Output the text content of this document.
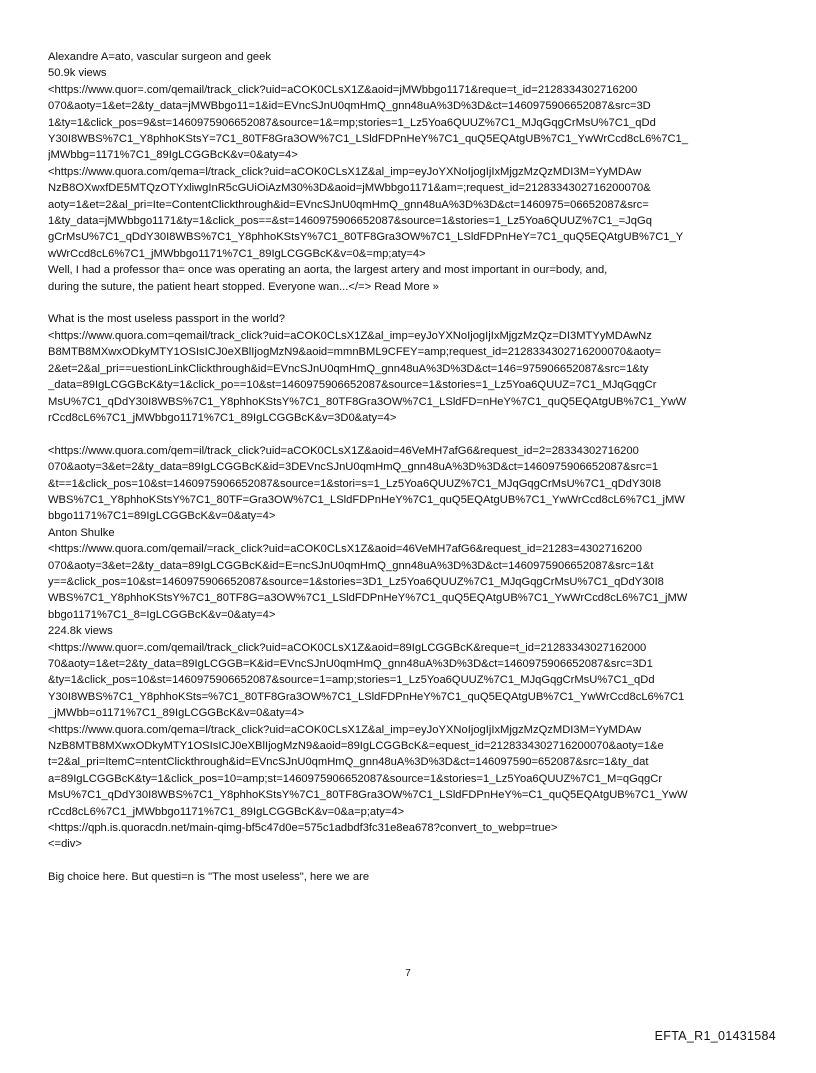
Alexandre A=ato, vascular surgeon and geek
50.9k views
<https://www.quor=.com/qemail/track_click?uid=aCOK0CLsX1Z&aoid=jMWbbgo1171&reque=t_id=2128334302716200
070&aoty=1&et=2&ty_data=jMWBbgo11=1&id=EVncSJnU0qmHmQ_gnn48uA%3D%3D&ct=1460975906652087&src=3D
1&ty=1&click_pos=9&st=1460975906652087&source=1&=mp;stories=1_Lz5Yoa6QUUZ%7C1_MJqGqgCrMsU%7C1_qDd
Y30I8WBS%7C1_Y8phhoKStsY=7C1_80TF8Gra3OW%7C1_LSldFDPnHeY%7C1_quQ5EQAtgUB%7C1_YwWrCcd8cL6%7C1_
jMWbbg=1171%7C1_89IgLCGGBcK&v=0&aty=4>
<https://www.quora.com/qema=l/track_click?uid=aCOK0CLsX1Z&al_imp=eyJoYXNoIjogIjIxMjgzMzQzMDI3M=YyMDAw
NzB8OXwxfDE5MTQzOTYxliwgInR5cGUiOiAzM30%3D&aoid=jMWbbgo1171&am=;request_id=2128334302716200070&
aoty=1&et=2&al_pri=Ite=ContentClickthrough&id=EVncSJnU0qmHmQ_gnn48uA%3D%3D&ct=1460975=06652087&src=
1&ty_data=jMWbbgo1171&ty=1&click_pos==&st=1460975906652087&source=1&stories=1_Lz5Yoa6QUUZ%7C1_=JqGq
gCrMsU%7C1_qDdY30I8WBS%7C1_Y8phhoKStsY%7C1_80TF8Gra3OW%7C1_LSldFDPnHeY=7C1_quQ5EQAtgUB%7C1_Y
wWrCcd8cL6%7C1_jMWbbgo1171%7C1_89IgLCGGBcK&v=0&=mp;aty=4>
Well, I had a professor tha= once was operating an aorta, the largest artery and most important in our=body, and,
during the suture, the patient heart stopped. Everyone wan...</=> Read More »
What is the most useless passport in the world?
<https://www.quora.com=qemail/track_click?uid=aCOK0CLsX1Z&al_imp=eyJoYXNoIjogIjIxMjgzMzQz=DI3MTYyMDAwNz
B8MTB8MXwxODkyMTY1OSIsICJ0eXBlIjogMzN9&aoid=mmnBML9CFEY=amp;request_id=2128334302716200070&aoty=
2&et=2&al_pri==uestionLinkClickthrough&id=EVncSJnU0qmHmQ_gnn48uA%3D%3D&ct=146=975906652087&src=1&ty
_data=89IgLCGGBcK&ty=1&click_po==10&st=1460975906652087&source=1&stories=1_Lz5Yoa6QUUZ=7C1_MJqGqgCr
MsU%7C1_qDdY30I8WBS%7C1_Y8phhoKStsY%7C1_80TF8Gra3OW%7C1_LSldFD=nHeY%7C1_quQ5EQAtgUB%7C1_YwW
rCcd8cL6%7C1_jMWbbgo1171%7C1_89IgLCGGBcK&v=3D0&aty=4>
<https://www.quora.com/qem=il/track_click?uid=aCOK0CLsX1Z&aoid=46VeMH7afG6&request_id=2=28334302716200
070&aoty=3&et=2&ty_data=89IgLCGGBcK&id=3DEVncSJnU0qmHmQ_gnn48uA%3D%3D&ct=1460975906652087&src=1
&t==1&click_pos=10&st=1460975906652087&source=1&stori=s=1_Lz5Yoa6QUUZ%7C1_MJqGqgCrMsU%7C1_qDdY30I8
WBS%7C1_Y8phhoKStsY%7C1_80TF=Gra3OW%7C1_LSldFDPnHeY%7C1_quQ5EQAtgUB%7C1_YwWrCcd8cL6%7C1_jMW
bbgo1171%7C1=89IgLCGGBcK&v=0&aty=4>
Anton Shulke
<https://www.quora.com/qemail/=rack_click?uid=aCOK0CLsX1Z&aoid=46VeMH7afG6&request_id=21283=4302716200
070&aoty=3&et=2&ty_data=89IgLCGGBcK&id=E=ncSJnU0qmHmQ_gnn48uA%3D%3D&ct=1460975906652087&src=1&t
y==&click_pos=10&st=1460975906652087&source=1&stories=3D1_Lz5Yoa6QUUZ%7C1_MJqGqgCrMsU%7C1_qDdY30I8
WBS%7C1_Y8phhoKStsY%7C1_80TF8G=a3OW%7C1_LSldFDPnHeY%7C1_quQ5EQAtgUB%7C1_YwWrCcd8cL6%7C1_jMW
bbgo1171%7C1_8=IgLCGGBcK&v=0&aty=4>
224.8k views
<https://www.quor=.com/qemail/track_click?uid=aCOK0CLsX1Z&aoid=89IgLCGGBcK&reque=t_id=21283343027162000
70&aoty=1&et=2&ty_data=89IgLCGGB=K&id=EVncSJnU0qmHmQ_gnn48uA%3D%3D&ct=1460975906652087&src=3D1
&ty=1&click_pos=10&st=1460975906652087&source=1=amp;stories=1_Lz5Yoa6QUUZ%7C1_MJqGqgCrMsU%7C1_qDd
Y30I8WBS%7C1_Y8phhoKSts=%7C1_80TF8Gra3OW%7C1_LSldFDPnHeY%7C1_quQ5EQAtgUB%7C1_YwWrCcd8cL6%7C1
_jMWbb=o1171%7C1_89IgLCGGBcK&v=0&aty=4>
<https://www.quora.com/qema=l/track_click?uid=aCOK0CLsX1Z&al_imp=eyJoYXNoIjogIjIxMjgzMzQzMDI3M=YyMDAw
NzB8MTB8MXwxODkyMTY1OSIsICJ0eXBlIjogMzN9&aoid=89IgLCGGBcK&=equest_id=2128334302716200070&aoty=1&e
t=2&al_pri=ItemC=ntentClickthrough&id=EVncSJnU0qmHmQ_gnn48uA%3D%3D&ct=146097590=652087&src=1&ty_dat
a=89IgLCGGBcK&ty=1&click_pos=10=amp;st=1460975906652087&source=1&stories=1_Lz5Yoa6QUUZ%7C1_M=qGqgCr
MsU%7C1_qDdY30I8WBS%7C1_Y8phhoKStsY%7C1_80TF8Gra3OW%7C1_LSldFDPnHeY%=C1_quQ5EQAtgUB%7C1_YwW
rCcd8cL6%7C1_jMWbbgo1171%7C1_89IgLCGGBcK&v=0&a=p;aty=4>
<https://qph.is.quoracdn.net/main-qimg-bf5c47d0e=575c1adbdf3fc31e8ea678?convert_to_webp=true>
<=div>
Big choice here. But questi=n is "The most useless", here we are
7
EFTA_R1_01431584
